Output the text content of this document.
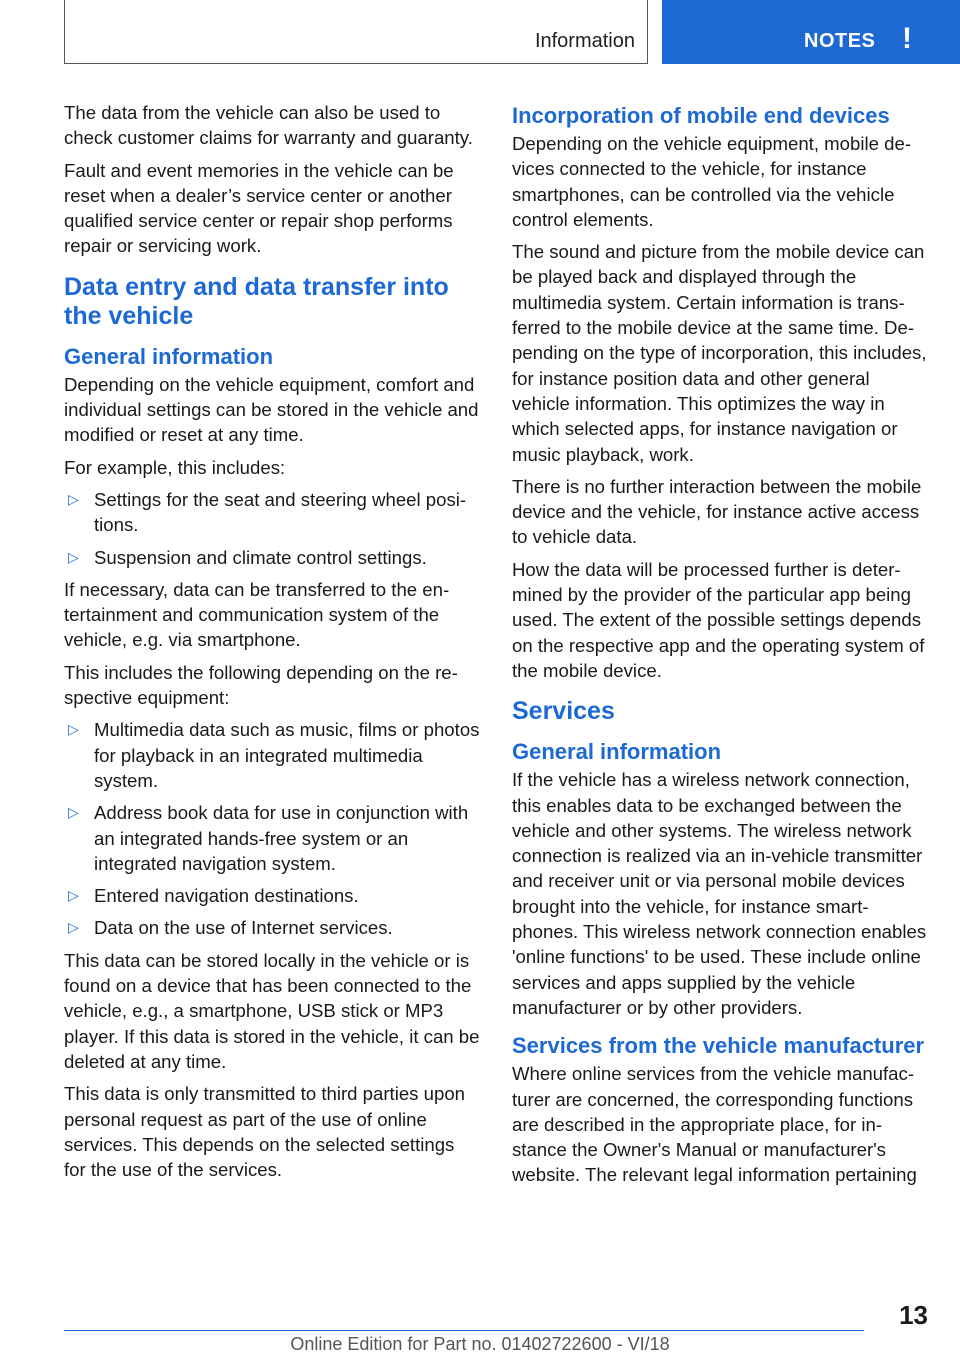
Information	NOTES !

The data from the vehicle can also be used to check customer claims for warranty and guaranty.

Fault and event memories in the vehicle can be reset when a dealer’s service center or another qualified service center or repair shop performs repair or servicing work.

Data entry and data transfer into the vehicle
General information

Depending on the vehicle equipment, comfort and individual settings can be stored in the vehicle and modified or reset at any time.

For example, this includes:

▷ Settings for the seat and steering wheel positions.
▷ Suspension and climate control settings.

If necessary, data can be transferred to the entertainment and communication system of the vehicle, e.g. via smartphone.

This includes the following depending on the respective equipment:

▷ Multimedia data such as music, films or photos for playback in an integrated multimedia system.
▷ Address book data for use in conjunction with an integrated hands-free system or an integrated navigation system.
▷ Entered navigation destinations.
▷ Data on the use of Internet services.

This data can be stored locally in the vehicle or is found on a device that has been connected to the vehicle, e.g., a smartphone, USB stick or MP3 player. If this data is stored in the vehicle, it can be deleted at any time.

This data is only transmitted to third parties upon personal request as part of the use of online services. This depends on the selected settings for the use of the services.

Incorporation of mobile end devices

Depending on the vehicle equipment, mobile devices connected to the vehicle, for instance smartphones, can be controlled via the vehicle control elements.

The sound and picture from the mobile device can be played back and displayed through the multimedia system. Certain information is transferred to the mobile device at the same time. Depending on the type of incorporation, this includes, for instance position data and other general vehicle information. This optimizes the way in which selected apps, for instance navigation or music playback, work.

There is no further interaction between the mobile device and the vehicle, for instance active access to vehicle data.

How the data will be processed further is determined by the provider of the particular app being used. The extent of the possible settings depends on the respective app and the operating system of the mobile device.

Services
General information

If the vehicle has a wireless network connection, this enables data to be exchanged between the vehicle and other systems. The wireless network connection is realized via an in-vehicle transmitter and receiver unit or via personal mobile devices brought into the vehicle, for instance smartphones. This wireless network connection enables 'online functions' to be used. These include online services and apps supplied by the vehicle manufacturer or by other providers.

Services from the vehicle manufacturer

Where online services from the vehicle manufacturer are concerned, the corresponding functions are described in the appropriate place, for instance the Owner's Manual or manufacturer's website. The relevant legal information pertaining

13
Online Edition for Part no. 01402722600 - VI/18
